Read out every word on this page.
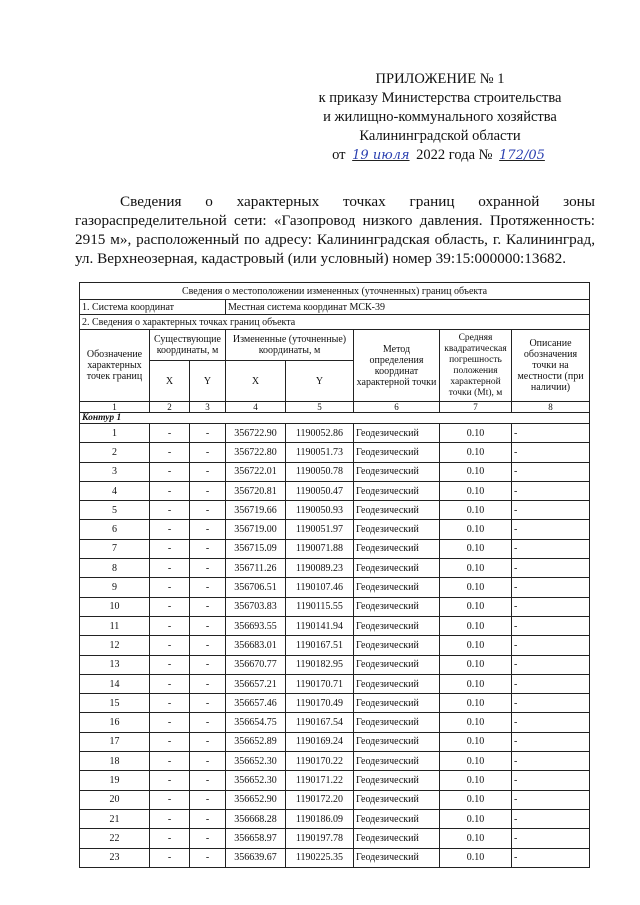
ПРИЛОЖЕНИЕ № 1
к приказу Министерства строительства
и жилищно-коммунального хозяйства
Калининградской области
от 19 июля 2022 года № 172/05
Сведения о характерных точках границ охранной зоны газораспределительной сети: «Газопровод низкого давления. Протяженность: 2915 м», расположенный по адресу: Калининградская область, г. Калининград, ул. Верхнеозерная, кадастровый (или условный) номер 39:15:000000:13682.
Сведения о местоположении измененных (уточненных) границ объекта							
1. Система координат			Местная система координат МСК-39				
2. Сведения о характерных точках границ объекта							
Обозначение характерных точек границ	Существующие координаты, м		Измененные (уточненные) координаты, м		Метод определения координат характерной точки	Средняя квадратическая погрешность положения характерной точки (Mt), м	Описание обозначения точки на местности (при наличии)
	X	Y	X	Y			
1	2	3	4	5	6	7	8
Контур 1							
1	-	-	356722.90	1190052.86	Геодезический	0.10	-
2	-	-	356722.80	1190051.73	Геодезический	0.10	-
3	-	-	356722.01	1190050.78	Геодезический	0.10	-
4	-	-	356720.81	1190050.47	Геодезический	0.10	-
5	-	-	356719.66	1190050.93	Геодезический	0.10	-
6	-	-	356719.00	1190051.97	Геодезический	0.10	-
7	-	-	356715.09	1190071.88	Геодезический	0.10	-
8	-	-	356711.26	1190089.23	Геодезический	0.10	-
9	-	-	356706.51	1190107.46	Геодезический	0.10	-
10	-	-	356703.83	1190115.55	Геодезический	0.10	-
11	-	-	356693.55	1190141.94	Геодезический	0.10	-
12	-	-	356683.01	1190167.51	Геодезический	0.10	-
13	-	-	356670.77	1190182.95	Геодезический	0.10	-
14	-	-	356657.21	1190170.71	Геодезический	0.10	-
15	-	-	356657.46	1190170.49	Геодезический	0.10	-
16	-	-	356654.75	1190167.54	Геодезический	0.10	-
17	-	-	356652.89	1190169.24	Геодезический	0.10	-
18	-	-	356652.30	1190170.22	Геодезический	0.10	-
19	-	-	356652.30	1190171.22	Геодезический	0.10	-
20	-	-	356652.90	1190172.20	Геодезический	0.10	-
21	-	-	356668.28	1190186.09	Геодезический	0.10	-
22	-	-	356658.97	1190197.78	Геодезический	0.10	-
23	-	-	356639.67	1190225.35	Геодезический	0.10	-
